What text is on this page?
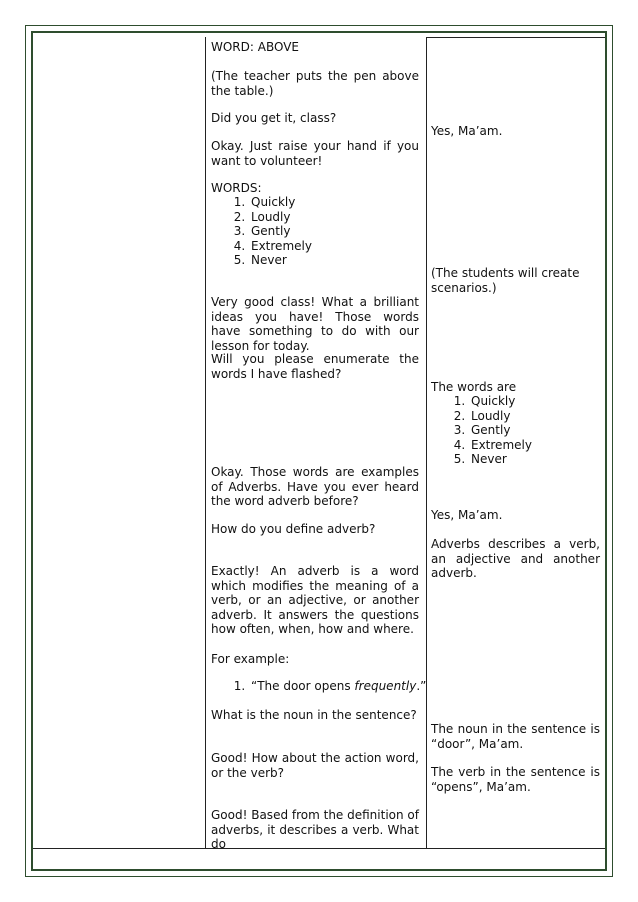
WORD: ABOVE

(The teacher puts the pen above the table.)

Did you get it, class?

Okay. Just raise your hand if you want to volunteer!

WORDS:

1. Quickly
2. Loudly
3. Gently
4. Extremely
5. Never

Very good class! What a brilliant ideas you have! Those words have something to do with our lesson for today.

Will you please enumerate the words I have flashed?

Okay. Those words are examples of Adverbs. Have you ever heard the word adverb before?

How do you define adverb?

Exactly! An adverb is a word which modifies the meaning of a verb, or an adjective, or another adverb. It answers the questions how often, when, how and where.

For example:

1. “The door opens frequently.”

What is the noun in the sentence?

Good! How about the action word, or the verb?

Good! Based from the definition of adverbs, it describes a verb. What do

Yes, Ma’am.

(The students will create scenarios.)

The words are

1. Quickly
2. Loudly
3. Gently
4. Extremely
5. Never

Yes, Ma’am.

Adverbs describes a verb, an adjective and another adverb.

The noun in the sentence is “door”, Ma’am.

The verb in the sentence is “opens”, Ma’am.
